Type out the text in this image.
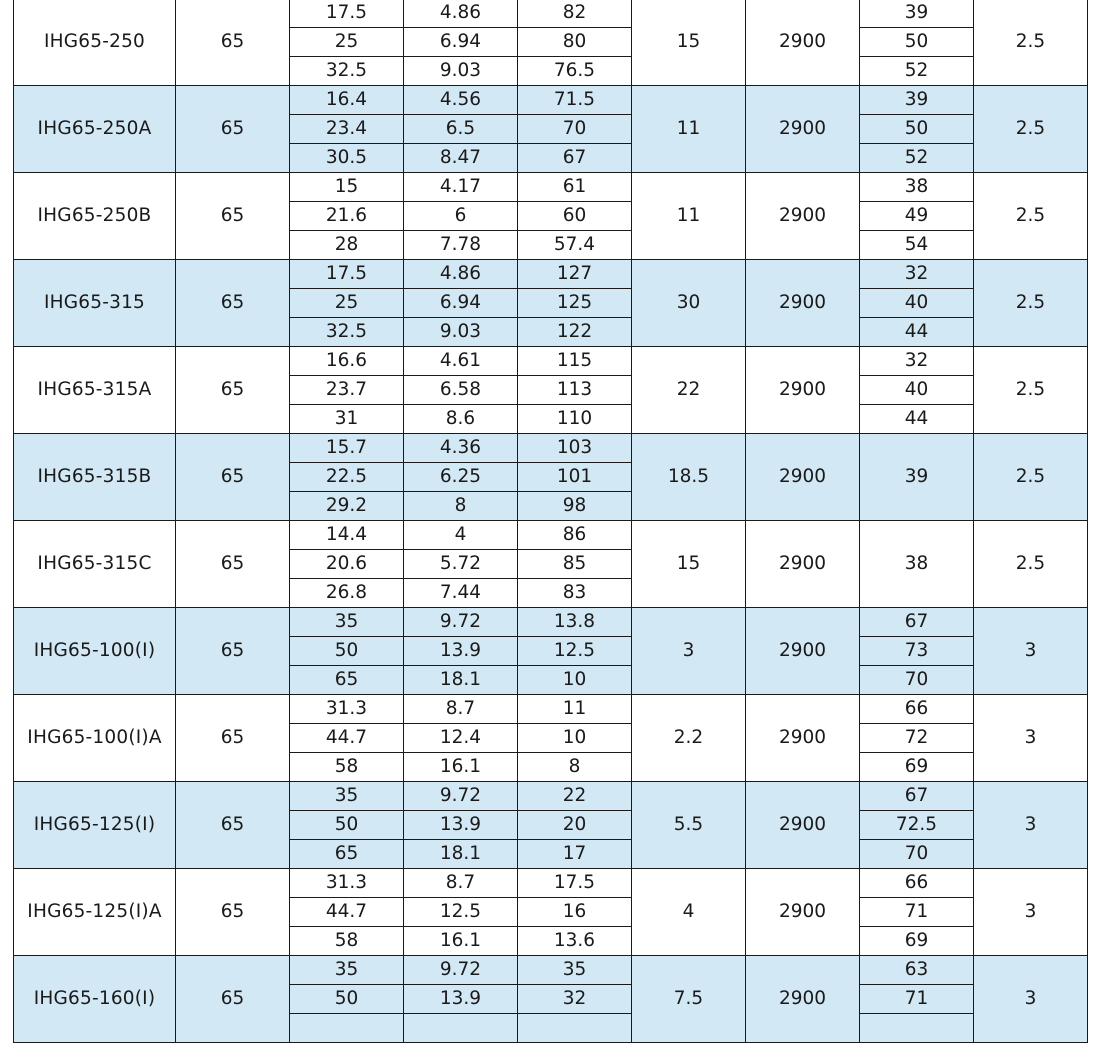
IHG65-250	65	17.5	4.86	82	15	2900	39	2.5
		25	6.94	80			50	
		32.5	9.03	76.5			52	
IHG65-250A	65	16.4	4.56	71.5	11	2900	39	2.5
		23.4	6.5	70			50	
		30.5	8.47	67			52	
IHG65-250B	65	15	4.17	61	11	2900	38	2.5
		21.6	6	60			49	
		28	7.78	57.4			54	
IHG65-315	65	17.5	4.86	127	30	2900	32	2.5
		25	6.94	125			40	
		32.5	9.03	122			44	
IHG65-315A	65	16.6	4.61	115	22	2900	32	2.5
		23.7	6.58	113			40	
		31	8.6	110			44	
IHG65-315B	65	15.7	4.36	103	18.5	2900	39	2.5
		22.5	6.25	101				
		29.2	8	98				
IHG65-315C	65	14.4	4	86	15	2900	38	2.5
		20.6	5.72	85				
		26.8	7.44	83				
IHG65-100(I)	65	35	9.72	13.8	3	2900	67	3
		50	13.9	12.5			73	
		65	18.1	10			70	
IHG65-100(I)A	65	31.3	8.7	11	2.2	2900	66	3
		44.7	12.4	10			72	
		58	16.1	8			69	
IHG65-125(I)	65	35	9.72	22	5.5	2900	67	3
		50	13.9	20			72.5	
		65	18.1	17			70	
IHG65-125(I)A	65	31.3	8.7	17.5	4	2900	66	3
		44.7	12.5	16			71	
		58	16.1	13.6			69	
IHG65-160(I)	65	35	9.72	35	7.5	2900	63	3
		50	13.9	32			71	
